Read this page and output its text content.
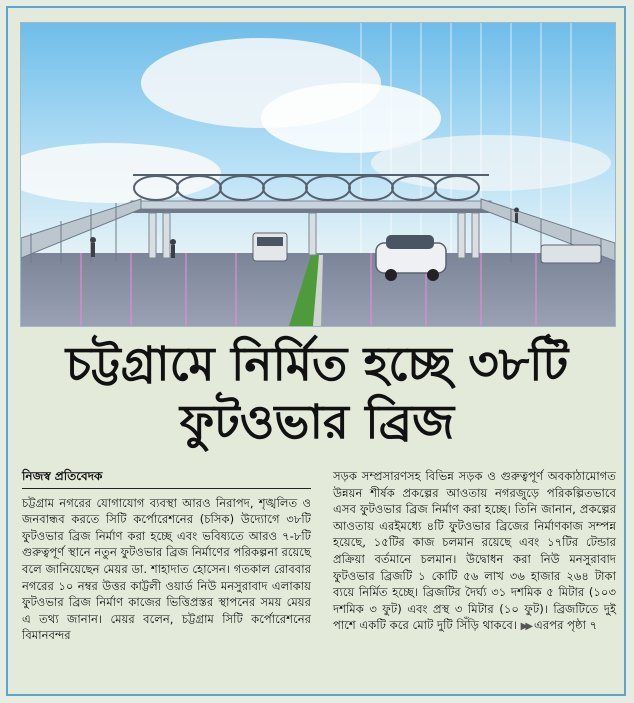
চট্টগ্রামে নির্মিত হচ্ছে ৩৮টি
ফুটওভার ব্রিজ
নিজস্ব প্রতিবেদক
চট্টগ্রাম নগরের যোগাযোগ ব্যবস্থা আরও নিরাপদ, শৃঙ্খলিত ও জনবান্ধব করতে সিটি কর্পোরেশনের (চসিক) উদ্যোগে ৩৮টি ফুটওভার ব্রিজ নির্মাণ করা হচ্ছে এবং ভবিষ্যতে আরও ৭-৮টি গুরুত্বপূর্ণ স্থানে নতুন ফুটওভার ব্রিজ নির্মাণের পরিকল্পনা রয়েছে বলে জানিয়েছেন মেয়র ডা. শাহাদাত হোসেন। গতকাল রোববার নগরের ১০ নম্বর উত্তর কাট্টলী ওয়ার্ড নিউ মনসুরাবাদ এলাকায় ফুটওভার ব্রিজ নির্মাণ কাজের ভিত্তিপ্রস্তর স্থাপনের সময় মেয়র এ তথ্য জানান। মেয়র বলেন, চট্টগ্রাম সিটি কর্পোরেশনের বিমানবন্দর
সড়ক সম্প্রসারণসহ বিভিন্ন সড়ক ও গুরুত্বপূর্ণ অবকাঠামোগত উন্নয়ন শীর্ষক প্রকল্পের আওতায় নগরজুড়ে পরিকল্পিতভাবে এসব ফুটওভার ব্রিজ নির্মাণ করা হচ্ছে। তিনি জানান, প্রকল্পের আওতায় এরইমধ্যে ৪টি ফুটওভার ব্রিজের নির্মাণকাজ সম্পন্ন হয়েছে, ১৫টির কাজ চলমান রয়েছে এবং ১৭টির টেন্ডার প্রক্রিয়া বর্তমানে চলমান। উদ্বোধন করা নিউ মনসুরাবাদ ফুটওভার ব্রিজটি ১ কোটি ৫৬ লাখ ৩৬ হাজার ২৬৪ টাকা ব্যয়ে নির্মিত হচ্ছে। ব্রিজটির দৈর্ঘ্য ৩১ দশমিক ৫ মিটার (১০৩ দশমিক ৩ ফুট) এবং প্রস্থ ৩ মিটার (১০ ফুট)। ব্রিজটিতে দুই পাশে একটি করে মোট দুটি সিঁড়ি থাকবে। ▶▶ এরপর পৃষ্ঠা ৭
